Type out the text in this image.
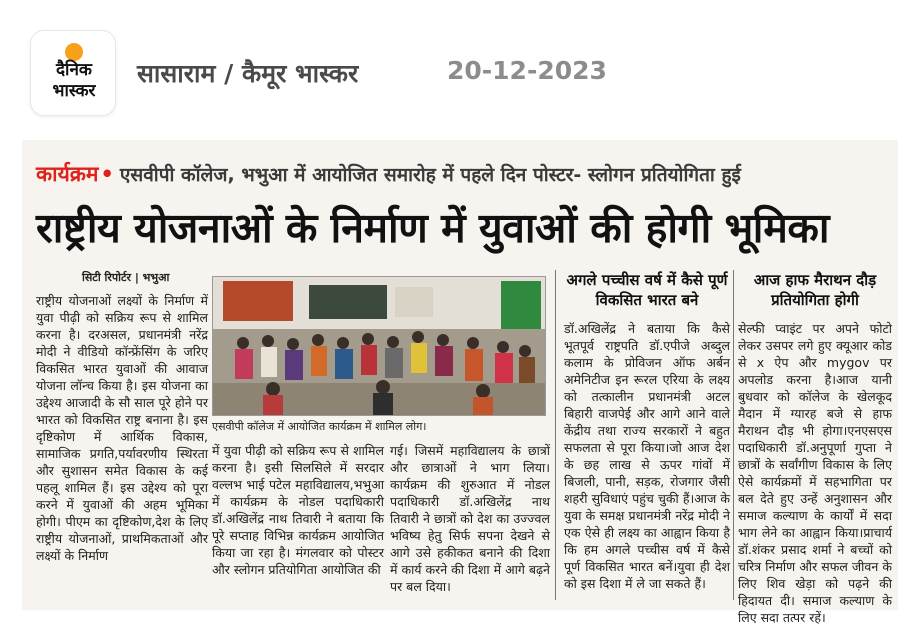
दैनिक
भास्कर
सासाराम / कैमूर भास्कर	20-12-2023
कार्यक्रम• एसवीपी कॉलेज, भभुआ में आयोजित समारोह में पहले दिन पोस्टर- स्लोगन प्रतियोगिता हुई
राष्ट्रीय योजनाओं के निर्माण में युवाओं की होगी भूमिका
सिटी रिपोर्टर | भभुआ
राष्ट्रीय योजनाओं लक्ष्यों के निर्माण में युवा पीढ़ी को सक्रिय रूप से शामिल करना है। दरअसल, प्रधानमंत्री नरेंद्र मोदी ने वीडियो कॉन्फ्रेंसिंग के जरिए विकसित भारत युवाओं की आवाज योजना लॉन्च किया है। इस योजना का उद्देश्य आजादी के सौ साल पूरे होने पर भारत को विकसित राष्ट्र बनाना है। इस दृष्टिकोण में आर्थिक विकास, सामाजिक प्रगति,पर्यावरणीय स्थिरता और सुशासन समेत विकास के कई पहलू शामिल हैं। इस उद्देश्य को पूरा करने में युवाओं की अहम भूमिका होगी। पीएम का दृष्टिकोण,देश के लिए राष्ट्रीय योजनाओं, प्राथमिकताओं और लक्ष्यों के निर्माण
एसवीपी कॉलेज में आयोजित कार्यक्रम में शामिल लोग।
में युवा पीढ़ी को सक्रिय रूप से शामिल करना है। इसी सिलसिले में सरदार वल्लभ भाई पटेल महाविद्यालय,भभुआ में कार्यक्रम के नोडल पदाधिकारी डॉ.अखिलेंद्र नाथ तिवारी ने बताया कि पूरे सप्ताह विभिन्न कार्यक्रम आयोजित किया जा रहा है। मंगलवार को पोस्टर और स्लोगन प्रतियोगिता आयोजित की
गई। जिसमें महाविद्यालय के छात्रों और छात्राओं ने भाग लिया। कार्यक्रम की शुरुआत में नोडल पदाधिकारी डॉ.अखिलेंद्र नाथ तिवारी ने छात्रों को देश का उज्ज्वल भविष्य हेतु सिर्फ सपना देखने से आगे उसे हकीकत बनाने की दिशा में कार्य करने की दिशा में आगे बढ़ने पर बल दिया।
अगले पच्चीस वर्ष में कैसे पूर्ण विकसित भारत बने
डॉ.अखिलेंद्र ने बताया कि कैसे भूतपूर्व राष्ट्रपति डॉ.एपीजे अब्दुल कलाम के प्रोविजन ऑफ अर्बन अमेनिटीज इन रूरल एरिया के लक्ष्य को तत्कालीन प्रधानमंत्री अटल बिहारी वाजपेई और आगे आने वाले केंद्रीय तथा राज्य सरकारों ने बहुत सफलता से पूरा किया।जो आज देश के छह लाख से ऊपर गांवों में बिजली, पानी, सड़क, रोजगार जैसी शहरी सुविधाएं पहुंच चुकी हैं।आज के युवा के समक्ष प्रधानमंत्री नरेंद्र मोदी ने एक ऐसे ही लक्ष्य का आह्वान किया है कि हम अगले पच्चीस वर्ष में कैसे पूर्ण विकसित भारत बनें।युवा ही देश को इस दिशा में ले जा सकते हैं।
आज हाफ मैराथन दौड़ प्रतियोगिता होगी
सेल्फी प्वाइंट पर अपने फोटो लेकर उसपर लगे हुए क्यूआर कोड से x ऐप और mygov पर अपलोड करना है।आज यानी बुधवार को कॉलेज के खेलकूद मैदान में ग्यारह बजे से हाफ मैराथन दौड़ भी होगा।एनएसएस पदाधिकारी डॉ.अनुपूर्णा गुप्ता ने छात्रों के सर्वांगीण विकास के लिए ऐसे कार्यक्रमों में सहभागिता पर बल देते हुए उन्हें अनुशासन और समाज कल्याण के कार्यों में सदा भाग लेने का आह्वान किया।प्राचार्य डॉ.शंकर प्रसाद शर्मा ने बच्चों को चरित्र निर्माण और सफल जीवन के लिए शिव खेड़ा को पढ़ने की हिदायत दी। समाज कल्याण के लिए सदा तत्पर रहें।
